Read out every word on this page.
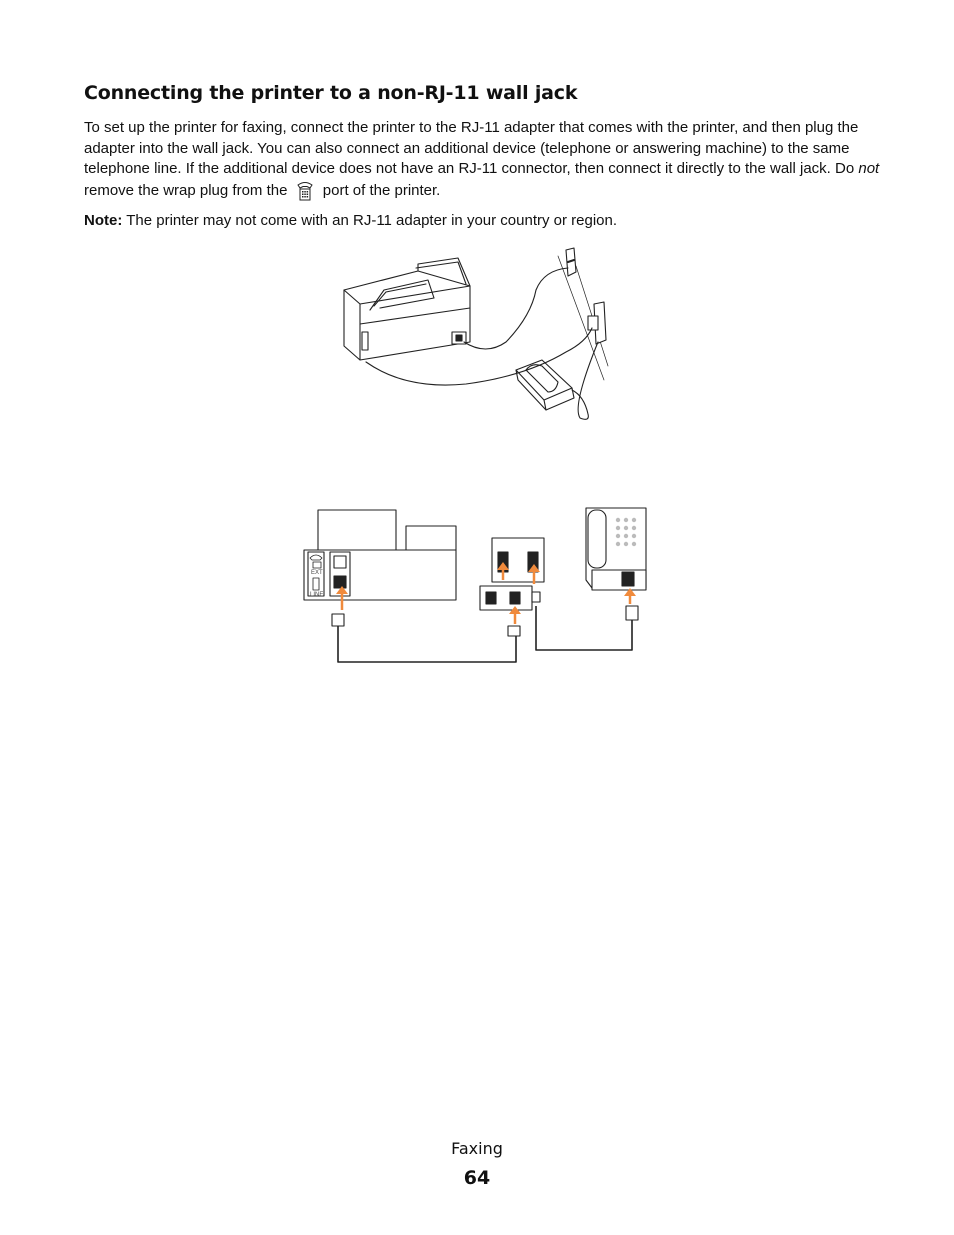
Connecting the printer to a non-RJ-11 wall jack

To set up the printer for faxing, connect the printer to the RJ-11 adapter that comes with the printer, and then plug the adapter into the wall jack. You can also connect an additional device (telephone or answering machine) to the same telephone line. If the additional device does not have an RJ-11 connector, then connect it directly to the wall jack. Do not remove the wrap plug from the  port of the printer.

Note: The printer may not come with an RJ-11 adapter in your country or region.

EXT
LINE
Faxing
64
